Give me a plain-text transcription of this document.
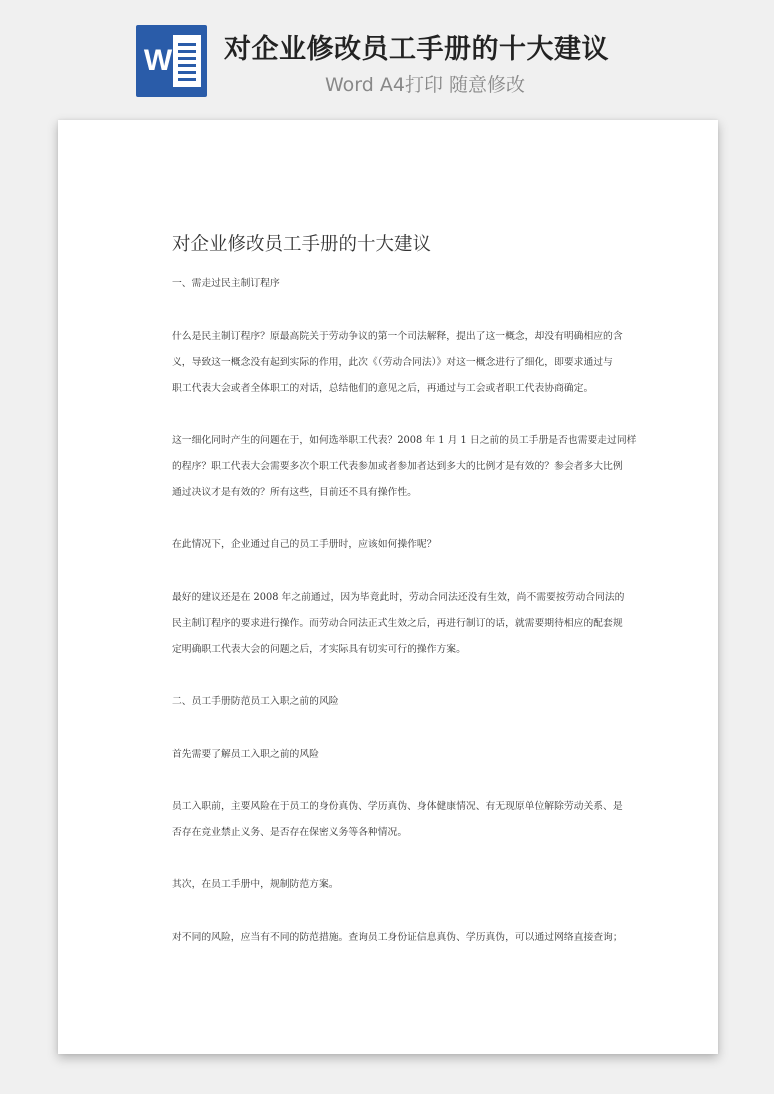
W 对企业修改员工手册的十大建议
Word A4打印 随意修改
​	​
​
​
对企业修改员工手册的十大建议
一、需走过民主制订程序
什么是民主制订程序？原最高院关于劳动争议的第一个司法解释，提出了这一概念，却没有明确相应的含
义，导致这一概念没有起到实际的作用，此次《（劳动合同法）》对这一概念进行了细化，即要求通过与
职工代表大会或者全体职工的对话，总结他们的意见之后，再通过与工会或者职工代表协商确定。
这一细化同时产生的问题在于，如何选举职工代表？2008 年 1 月 1 日之前的员工手册是否也需要走过同样
的程序？职工代表大会需要多次个职工代表参加或者参加者达到多大的比例才是有效的？参会者多大比例
通过决议才是有效的？所有这些，目前还不具有操作性。
在此情况下，企业通过自己的员工手册时，应该如何操作呢？
最好的建议还是在 2008 年之前通过，因为毕竟此时，劳动合同法还没有生效，尚不需要按劳动合同法的
民主制订程序的要求进行操作。而劳动合同法正式生效之后，再进行制订的话，就需要期待相应的配套规
定明确职工代表大会的问题之后，才实际具有切实可行的操作方案。
二、员工手册防范员工入职之前的风险
首先需要了解员工入职之前的风险
员工入职前，主要风险在于员工的身份真伪、学历真伪、身体健康情况、有无现原单位解除劳动关系、是
否存在竞业禁止义务、是否存在保密义务等各种情况。
其次，在员工手册中，规制防范方案。
对不同的风险，应当有不同的防范措施。查询员工身份证信息真伪、学历真伪，可以通过网络直接查询；
